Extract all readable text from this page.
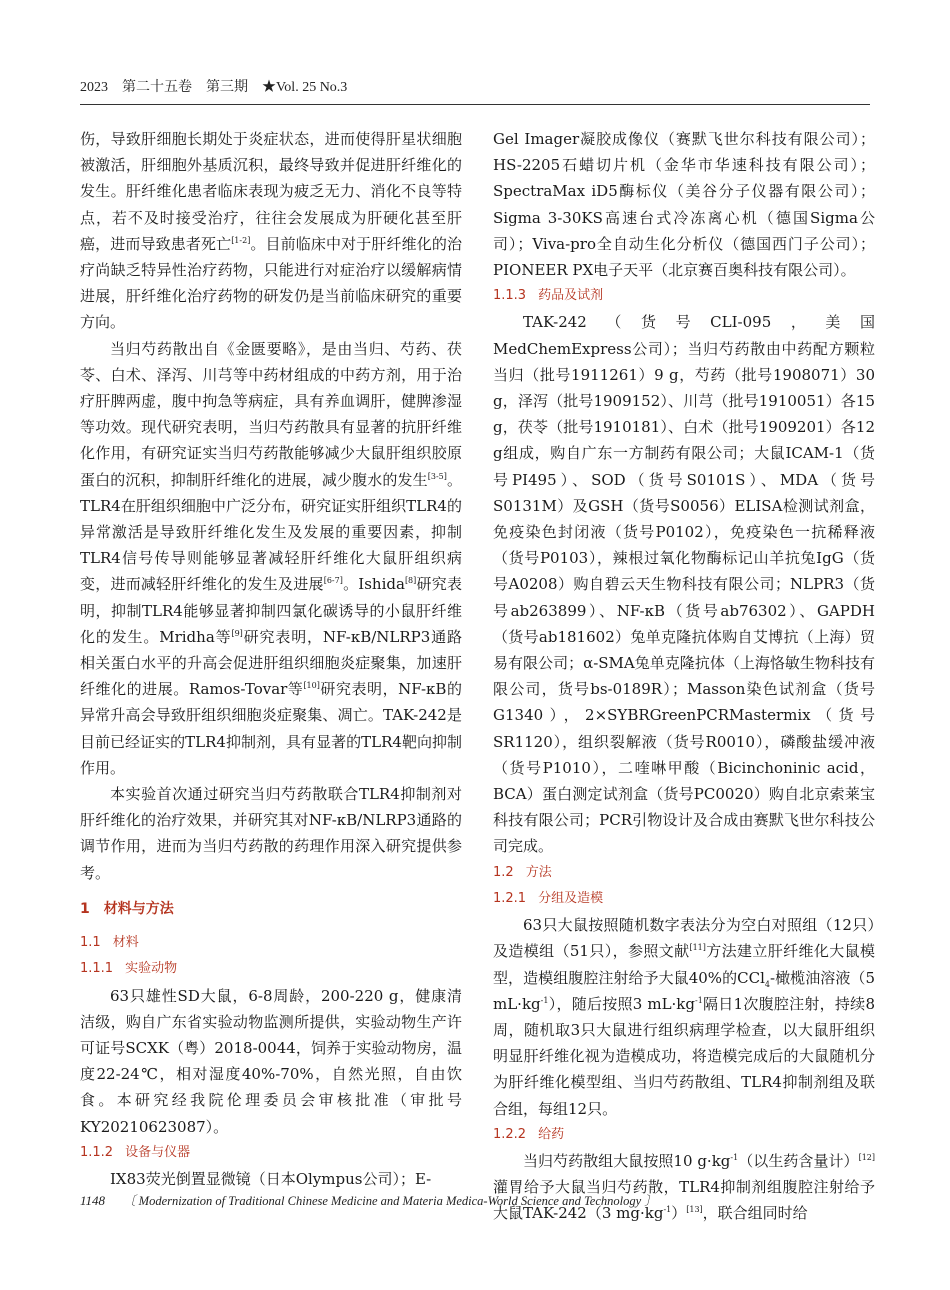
2023　第二十五卷　第三期　★Vol. 25 No.3

伤，导致肝细胞长期处于炎症状态，进而使得肝星状细胞被激活，肝细胞外基质沉积，最终导致并促进肝纤维化的发生。肝纤维化患者临床表现为疲乏无力、消化不良等特点，若不及时接受治疗，往往会发展成为肝硬化甚至肝癌，进而导致患者死亡[1-2]。目前临床中对于肝纤维化的治疗尚缺乏特异性治疗药物，只能进行对症治疗以缓解病情进展，肝纤维化治疗药物的研发仍是当前临床研究的重要方向。

当归芍药散出自《金匮要略》，是由当归、芍药、茯苓、白术、泽泻、川芎等中药材组成的中药方剂，用于治疗肝脾两虚，腹中拘急等病症，具有养血调肝，健脾渗湿等功效。现代研究表明，当归芍药散具有显著的抗肝纤维化作用，有研究证实当归芍药散能够减少大鼠肝组织胶原蛋白的沉积，抑制肝纤维化的进展，减少腹水的发生[3-5]。TLR4在肝组织细胞中广泛分布，研究证实肝组织TLR4的异常激活是导致肝纤维化发生及发展的重要因素，抑制TLR4信号传导则能够显著减轻肝纤维化大鼠肝组织病变，进而减轻肝纤维化的发生及进展[6-7]。Ishida[8]研究表明，抑制TLR4能够显著抑制四氯化碳诱导的小鼠肝纤维化的发生。Mridha等[9]研究表明，NF-κB/NLRP3通路相关蛋白水平的升高会促进肝组织细胞炎症聚集，加速肝纤维化的进展。Ramos-Tovar等[10]研究表明，NF-κB的异常升高会导致肝组织细胞炎症聚集、凋亡。TAK-242是目前已经证实的TLR4抑制剂，具有显著的TLR4靶向抑制作用。

本实验首次通过研究当归芍药散联合TLR4抑制剂对肝纤维化的治疗效果，并研究其对NF-κB/NLRP3通路的调节作用，进而为当归芍药散的药理作用深入研究提供参考。

1　材料与方法
1.1 材料
1.1.1 实验动物

63只雄性SD大鼠，6-8周龄，200-220 g，健康清洁级，购自广东省实验动物监测所提供，实验动物生产许可证号SCXK（粤）2018-0044，饲养于实验动物房，温度22-24℃，相对湿度40%-70%，自然光照，自由饮食。本研究经我院伦理委员会审核批准（审批号KY20210623087）。

1.1.2 设备与仪器

IX83荧光倒置显微镜（日本Olympus公司）；E-

Gel Imager凝胶成像仪（赛默飞世尔科技有限公司）；HS-2205石蜡切片机（金华市华速科技有限公司）；SpectraMax iD5酶标仪（美谷分子仪器有限公司）；Sigma 3-30KS高速台式冷冻离心机（德国Sigma公司）；Viva-pro全自动生化分析仪（德国西门子公司）；PIONEER PX电子天平（北京赛百奥科技有限公司）。

1.1.3 药品及试剂

TAK-242（货号CLI-095，美国MedChemExpress公司）；当归芍药散由中药配方颗粒当归（批号1911261）9 g，芍药（批号1908071）30 g，泽泻（批号1909152）、川芎（批号1910051）各15 g，茯苓（批号1910181）、白术（批号1909201）各12 g组成，购自广东一方制药有限公司；大鼠ICAM-1（货号PI495）、SOD（货号S0101S）、MDA（货号S0131M）及GSH（货号S0056）ELISA检测试剂盒，免疫染色封闭液（货号P0102），免疫染色一抗稀释液（货号P0103），辣根过氧化物酶标记山羊抗兔IgG（货号A0208）购自碧云天生物科技有限公司；NLPR3（货号ab263899）、NF-κB（货号ab76302）、GAPDH（货号ab181602）兔单克隆抗体购自艾博抗（上海）贸易有限公司；α-SMA兔单克隆抗体（上海恪敏生物科技有限公司，货号bs-0189R）；Masson染色试剂盒（货号G1340），2×SYBRGreenPCRMastermix（货号SR1120），组织裂解液（货号R0010），磷酸盐缓冲液（货号P1010），二喹啉甲酸（Bicinchoninic acid，BCA）蛋白测定试剂盒（货号PC0020）购自北京索莱宝科技有限公司；PCR引物设计及合成由赛默飞世尔科技公司完成。

1.2 方法
1.2.1 分组及造模

63只大鼠按照随机数字表法分为空白对照组（12只）及造模组（51只），参照文献[11]方法建立肝纤维化大鼠模型，造模组腹腔注射给予大鼠40%的CCl$_4$-橄榄油溶液（5 $mL\cdot kg^{-1}$），随后按照3 $mL\cdot kg^{-1}$隔日1次腹腔注射，持续8周，随机取3只大鼠进行组织病理学检查，以大鼠肝组织明显肝纤维化视为造模成功，将造模完成后的大鼠随机分为肝纤维化模型组、当归芍药散组、TLR4抑制剂组及联合组，每组12只。

1.2.2 给药

当归芍药散组大鼠按照10 $g\cdot kg^{-1}$（以生药含量计）[12]灌胃给予大鼠当归芍药散，TLR4抑制剂组腹腔注射给予大鼠TAK-242（3 $mg\cdot kg^{-1})[13]$，联合组同时给

1148 〔 Modernization of Traditional Chinese Medicine and Materia Medica-World Science and Technology 〕
